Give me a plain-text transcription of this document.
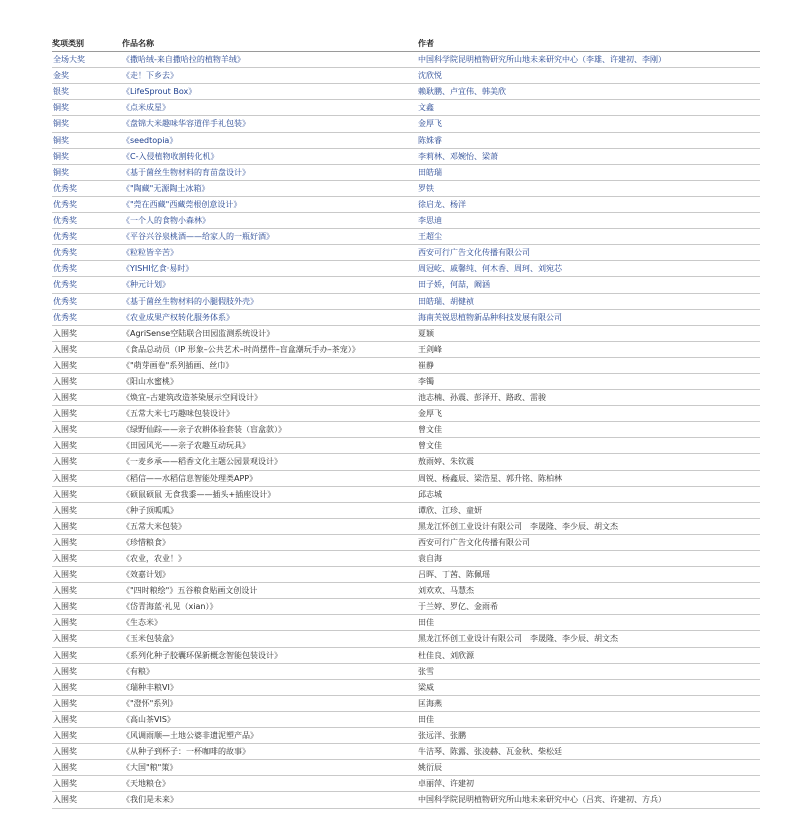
奖项类别	作品名称	作者
全场大奖	《撒哈绒-来自撒哈拉的植物羊绒》	中国科学院昆明植物研究所山地未来研究中心（李雄、许建初、李刚）
金奖	《走！下乡去》	沈欣悦
银奖	《LifeSprout Box》	赖耿鹏、卢宜伟、韩美欣
铜奖	《点米成星》	文鑫
铜奖	《盘锦大米趣味华容道伴手礼包装》	金厚飞
铜奖	《seedtopia》	陈姝睿
铜奖	《C-入侵植物收割转化机》	李莉林、邓婉怡、梁萧
铜奖	《基于菌丝生物材料的育苗盘设计》	田皓瑞
优秀奖	《"陶藏"无源陶土冰箱》	罗铁
优秀奖	《"莞在西藏"西藏莞根创意设计》	徐启龙、杨洋
优秀奖	《一个人的食物小森林》	李思迪
优秀奖	《平谷兴谷泉桃酒——给家人的一瓶好酒》	王超尘
优秀奖	《粒粒皆辛苦》	西安可行广告文化传播有限公司
优秀奖	《YISHI忆食·易时》	周冠屹、戚馨纯、何木香、周珂、刘宛芯
优秀奖	《种元计划》	田子娇，何喆，阚涵
优秀奖	《基于菌丝生物材料的小腿假肢外壳》	田皓瑞、胡健祯
优秀奖	《农业成果产权转化服务体系》	海南芙锐思植物新品种科技发展有限公司
入围奖	《AgriSense空陆联合田园监测系统设计》	夏颖
入围奖	《食品总动员（IP 形象–公共艺术–时尚摆件–盲盒潮玩手办–茶宠）》	王剑峰
入围奖	《"萌芽画卷"系列插画、丝巾》	崔静
入围奖	《阳山水蜜桃》	李镯
入围奖	《焕宜–古建筑改造茶染展示空间设计》	池志楠、孙震、彭泽开、路政、雷骏
入围奖	《五常大米七巧趣味包装设计》	金厚飞
入围奖	《绿野仙踪——亲子农耕体验套装（盲盒款）》	曾文佳
入围奖	《田园风光——亲子农趣互动玩具》	曾文佳
入围奖	《一麦乡承——稻香文化主题公园景观设计》	敖雨婷、朱钦震
入围奖	《稻信——水稻信息智能处理类APP》	周锐、杨鑫辰、梁浩星、郭升铭、陈柏林
入围奖	《硕鼠硕鼠 无食我黍——插头+插座设计》	邱志城
入围奖	《种子顶呱呱》	谭欣、江珍、童妍
入围奖	《五常大米包装》	黑龙江怀创工业设计有限公司　李晟隆、李少辰、胡文杰
入围奖	《珍惜粮食》	西安可行广告文化传播有限公司
入围奖	《农业，农业！》	袁自海
入围奖	《效嘉计划》	吕晖、丁茜、陈佩瑶
入围奖	《"四时粮绘"》五谷粮食贴画文创设计	刘欢欢、马慧杰
入围奖	《岱青海蓝·礼见（xian）》	于兰婷、罗亿、金雨希
入围奖	《生态米》	田佳
入围奖	《玉米包装盒》	黑龙江怀创工业设计有限公司　李晟隆、李少辰、胡文杰
入围奖	《系列化种子胶囊环保新概念智能包装设计》	杜佳良、刘欣源
入围奖	《有粮》	张雪
入围奖	《瑞种丰粮VI》	梁威
入围奖	《"澄怀"系列》	匡海燕
入围奖	《高山茶VIS》	田佳
入围奖	《风调雨顺—土地公婆非遗泥塑产品》	张远洋、张鹏
入围奖	《从种子到杯子：一杯咖啡的故事》	牛洁琴、陈露、张凌赫、瓦金秋、柴松廷
入围奖	《大国"粮"策》	姚衍辰
入围奖	《天地粮仓》	卓丽萍、许建初
入围奖	《我们是未来》	中国科学院昆明植物研究所山地未来研究中心（吕宾、许建初、方兵）
